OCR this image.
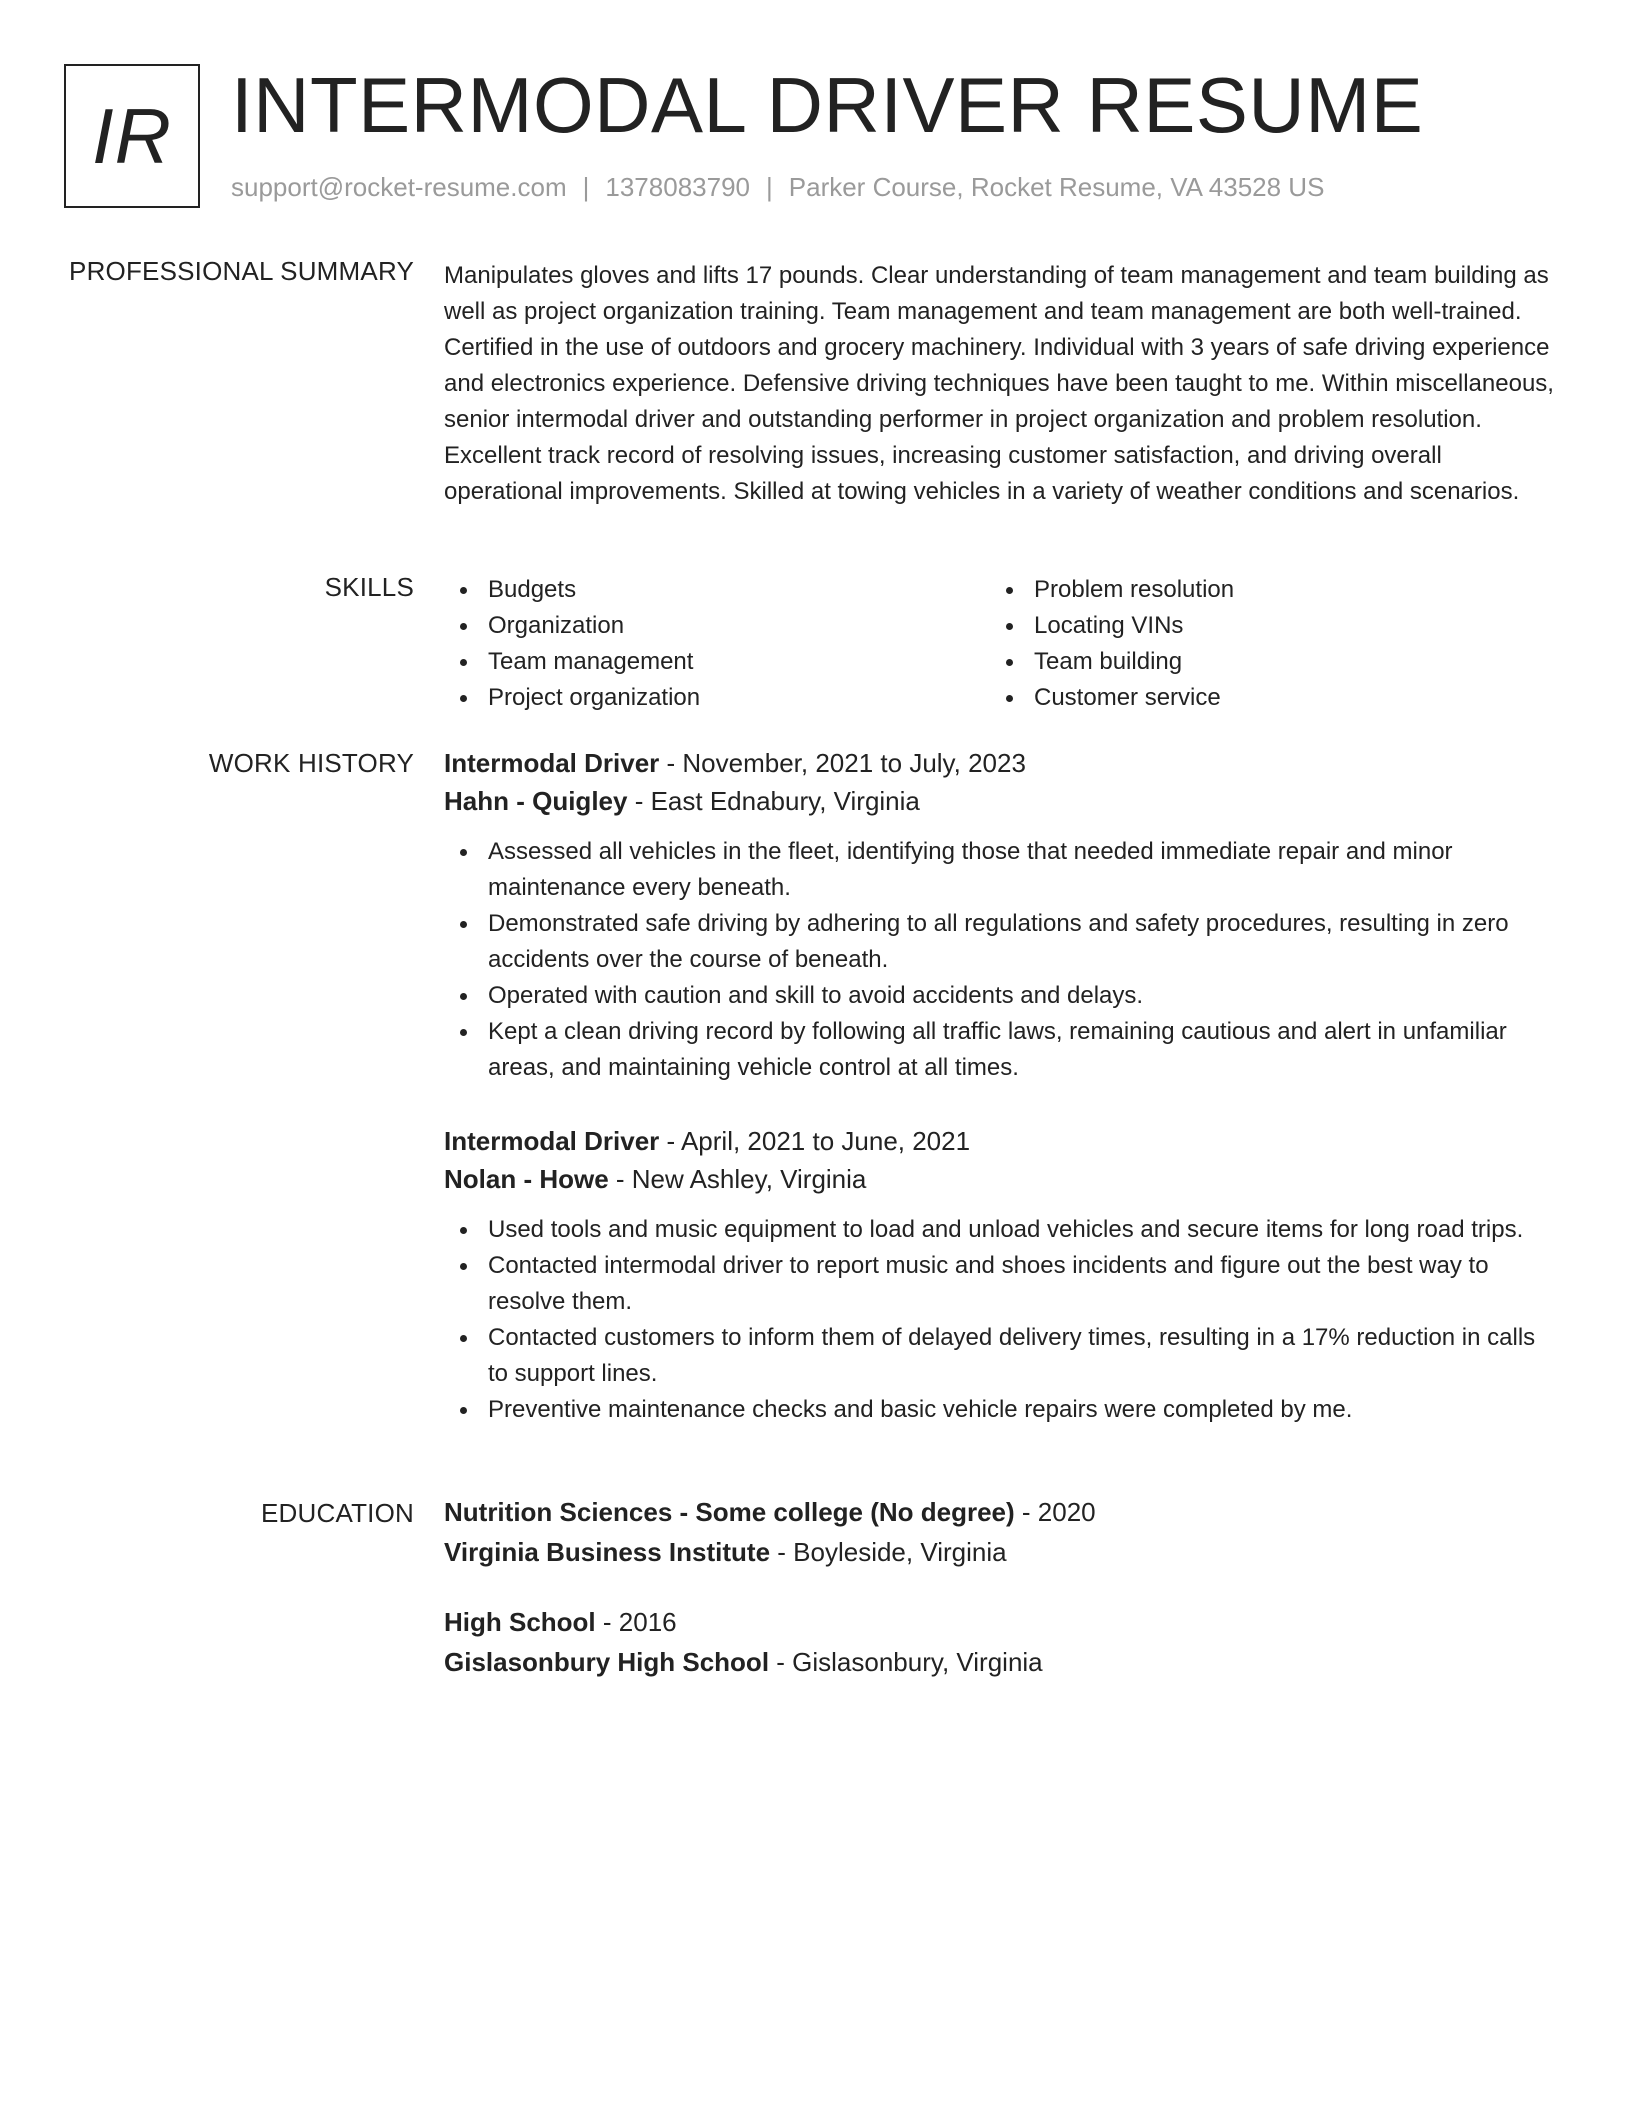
IR INTERMODAL DRIVER RESUME
support@rocket-resume.com | 1378083790 | Parker Course, Rocket Resume, VA 43528 US
PROFESSIONAL SUMMARY Manipulates gloves and lifts 17 pounds. Clear understanding of team management and team building as well as project organization training. Team management and team management are both well-trained. Certified in the use of outdoors and grocery machinery. Individual with 3 years of safe driving experience and electronics experience. Defensive driving techniques have been taught to me. Within miscellaneous, senior intermodal driver and outstanding performer in project organization and problem resolution. Excellent track record of resolving issues, increasing customer satisfaction, and driving overall operational improvements. Skilled at towing vehicles in a variety of weather conditions and scenarios.

SKILLS	Budgets
Organization
Team management
Project organization
Problem resolution
Locating VINs
Team building
Customer service
WORK HISTORY Intermodal Driver - November, 2021 to July, 2023
Hahn - Quigley - East Ednabury, Virginia
Assessed all vehicles in the fleet, identifying those that needed immediate repair and minor maintenance every beneath.
Demonstrated safe driving by adhering to all regulations and safety procedures, resulting in zero accidents over the course of beneath.
Operated with caution and skill to avoid accidents and delays.
Kept a clean driving record by following all traffic laws, remaining cautious and alert in unfamiliar areas, and maintaining vehicle control at all times.
Intermodal Driver - April, 2021 to June, 2021
Nolan - Howe - New Ashley, Virginia
Used tools and music equipment to load and unload vehicles and secure items for long road trips.
Contacted intermodal driver to report music and shoes incidents and figure out the best way to resolve them.
Contacted customers to inform them of delayed delivery times, resulting in a 17% reduction in calls to support lines.
Preventive maintenance checks and basic vehicle repairs were completed by me.
EDUCATION Nutrition Sciences - Some college (No degree) - 2020
Virginia Business Institute - Boyleside, Virginia
High School - 2016
Gislasonbury High School - Gislasonbury, Virginia
